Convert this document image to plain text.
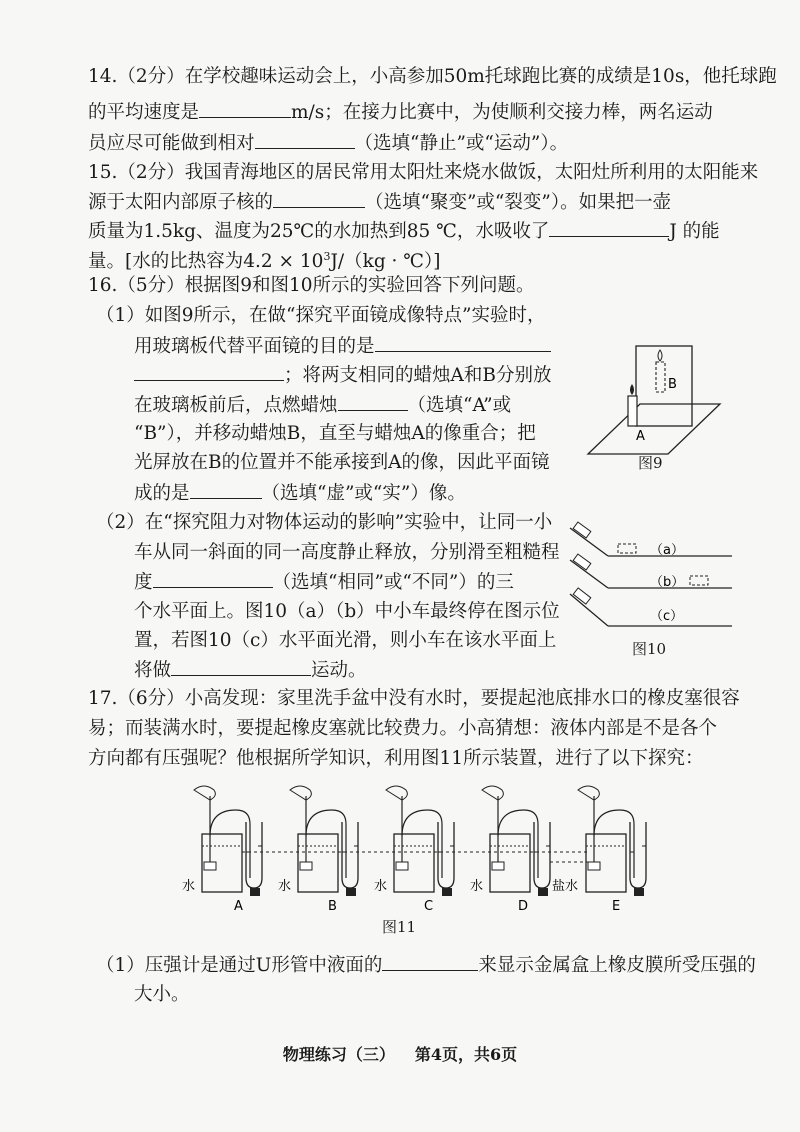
14.（2分）在学校趣味运动会上，小高参加50m托球跑比赛的成绩是10s，他托球跑
的平均速度是	m/s；在接力比赛中，为使顺利交接力棒，两名运动
员应尽可能做到相对	（选填“静止”或“运动”）。
15.（2分）我国青海地区的居民常用太阳灶来烧水做饭，太阳灶所利用的太阳能来
源于太阳内部原子核的	（选填“聚变”或“裂变”）。如果把一壶
质量为1.5kg、温度为25℃的水加热到85 ℃，水吸收了	J 的能
量。[水的比热容为$4.2 \times 10^3J/(kg$ · ℃）]
16.（5分）根据图9和图10所示的实验回答下列问题。
（1）如图9所示，在做“探究平面镜成像特点”实验时，
用玻璃板代替平面镜的目的是
；将两支相同的蜡烛A和B分别放
在玻璃板前后，点燃蜡烛	（选填“A”或
“B”），并移动蜡烛B，直至与蜡烛A的像重合；把
光屏放在B的位置并不能承接到A的像，因此平面镜
成的是	（选填“虚”或“实”）像。
A
B
图9
（2）在“探究阻力对物体运动的影响”实验中，让同一小
车从同一斜面的同一高度静止释放，分别滑至粗糙程
度	（选填“相同”或“不同”）的三
个水平面上。图10（a）（b）中小车最终停在图示位
置，若图10（c）水平面光滑，则小车在该水平面上
将做	运动。
（a）
（b）
（c）
图10
17.（6分）小高发现：家里洗手盆中没有水时，要提起池底排水口的橡皮塞很容
易；而装满水时，要提起橡皮塞就比较费力。小高猜想：液体内部是不是各个
方向都有压强呢？他根据所学知识，利用图11所示装置，进行了以下探究：
水	水	水	水	盐水
A	B	C	D	E
图11
（1）压强计是通过U形管中液面的	来显示金属盒上橡皮膜所受压强的
大小。
物理练习（三） 第4页，共6页
